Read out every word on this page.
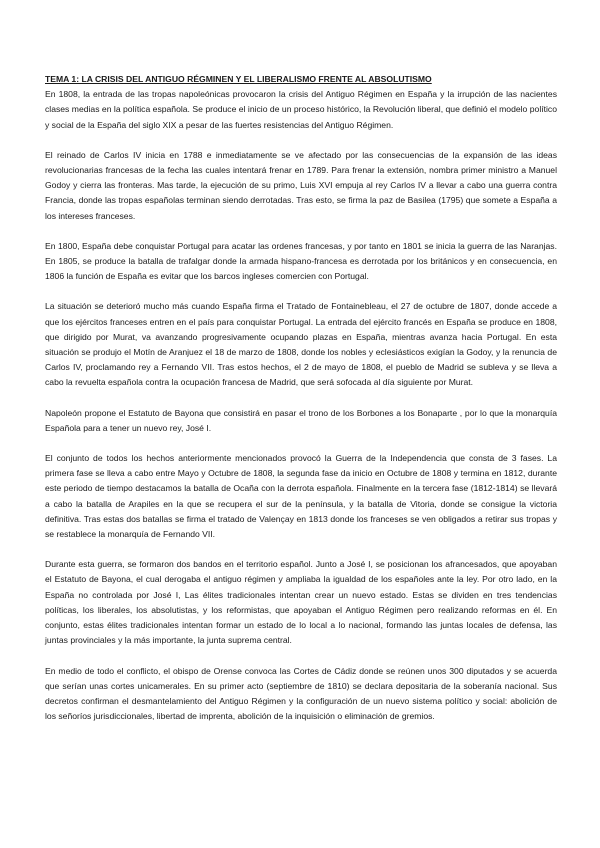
TEMA 1: LA CRISIS DEL ANTIGUO RÉGMINEN Y EL LIBERALISMO FRENTE AL ABSOLUTISMO

En 1808, la entrada de las tropas napoleónicas provocaron la crisis del Antiguo Régimen en España y la irrupción de las nacientes clases medias en la política española. Se produce el inicio de un proceso histórico, la Revolución liberal, que definió el modelo político y social de la España del siglo XIX a pesar de las fuertes resistencias del Antiguo Régimen.

El reinado de Carlos IV inicia en 1788 e inmediatamente se ve afectado por las consecuencias de la expansión de las ideas revolucionarias francesas de la fecha las cuales intentará frenar en 1789. Para frenar la extensión, nombra primer ministro a Manuel Godoy y cierra las fronteras. Mas tarde, la ejecución de su primo, Luis XVI empuja al rey Carlos IV a llevar a cabo una guerra contra Francia, donde las tropas españolas terminan siendo derrotadas. Tras esto, se firma la paz de Basilea (1795) que somete a España a los intereses franceses.

En 1800, España debe conquistar Portugal para acatar las ordenes francesas, y por tanto en 1801 se inicia la guerra de las Naranjas. En 1805, se produce la batalla de trafalgar donde la armada hispano-francesa es derrotada por los británicos y en consecuencia, en 1806 la función de España es evitar que los barcos ingleses comercien con Portugal.

La situación se deterioró mucho más cuando España firma el Tratado de Fontainebleau, el 27 de octubre de 1807, donde accede a que los ejércitos franceses entren en el país para conquistar Portugal. La entrada del ejército francés en España se produce en 1808, que dirigido por Murat, va avanzando progresivamente ocupando plazas en España, mientras avanza hacia Portugal. En esta situación se produjo el Motín de Aranjuez el 18 de marzo de 1808, donde los nobles y eclesiásticos exigían la Godoy, y la renuncia de Carlos IV, proclamando rey a Fernando VII. Tras estos hechos, el 2 de mayo de 1808, el pueblo de Madrid se subleva y se lleva a cabo la revuelta española contra la ocupación francesa de Madrid, que será sofocada al día siguiente por Murat.

Napoleón propone el Estatuto de Bayona que consistirá en pasar el trono de los Borbones a los Bonaparte , por lo que la monarquía Española para a tener un nuevo rey, José I.

El conjunto de todos los hechos anteriormente mencionados provocó la Guerra de la Independencia que consta de 3 fases. La primera fase se lleva a cabo entre Mayo y Octubre de 1808, la segunda fase da inicio en Octubre de 1808 y termina en 1812, durante este periodo de tiempo destacamos la batalla de Ocaña con la derrota española. Finalmente en la tercera fase (1812-1814) se llevará a cabo la batalla de Arapiles en la que se recupera el sur de la península, y la batalla de Vitoria, donde se consigue la victoria definitiva. Tras estas dos batallas se firma el tratado de Valençay en 1813 donde los franceses se ven obligados a retirar sus tropas y se restablece la monarquía de Fernando VII.

Durante esta guerra, se formaron dos bandos en el territorio español. Junto a José I, se posicionan los afrancesados, que apoyaban el Estatuto de Bayona, el cual derogaba el antiguo régimen y ampliaba la igualdad de los españoles ante la ley. Por otro lado, en la España no controlada por José I, Las élites tradicionales intentan crear un nuevo estado. Estas se dividen en tres tendencias políticas, los liberales, los absolutistas, y los reformistas, que apoyaban el Antiguo Régimen pero realizando reformas en él. En conjunto, estas élites tradicionales intentan formar un estado de lo local a lo nacional, formando las juntas locales de defensa, las juntas provinciales y la más importante, la junta suprema central.

En medio de todo el conflicto, el obispo de Orense convoca las Cortes de Cádiz donde se reúnen unos 300 diputados y se acuerda que serían unas cortes unicamerales. En su primer acto (septiembre de 1810) se declara depositaria de la soberanía nacional. Sus decretos confirman el desmantelamiento del Antiguo Régimen y la configuración de un nuevo sistema político y social: abolición de los señoríos jurisdiccionales, libertad de imprenta, abolición de la inquisición o eliminación de gremios.
